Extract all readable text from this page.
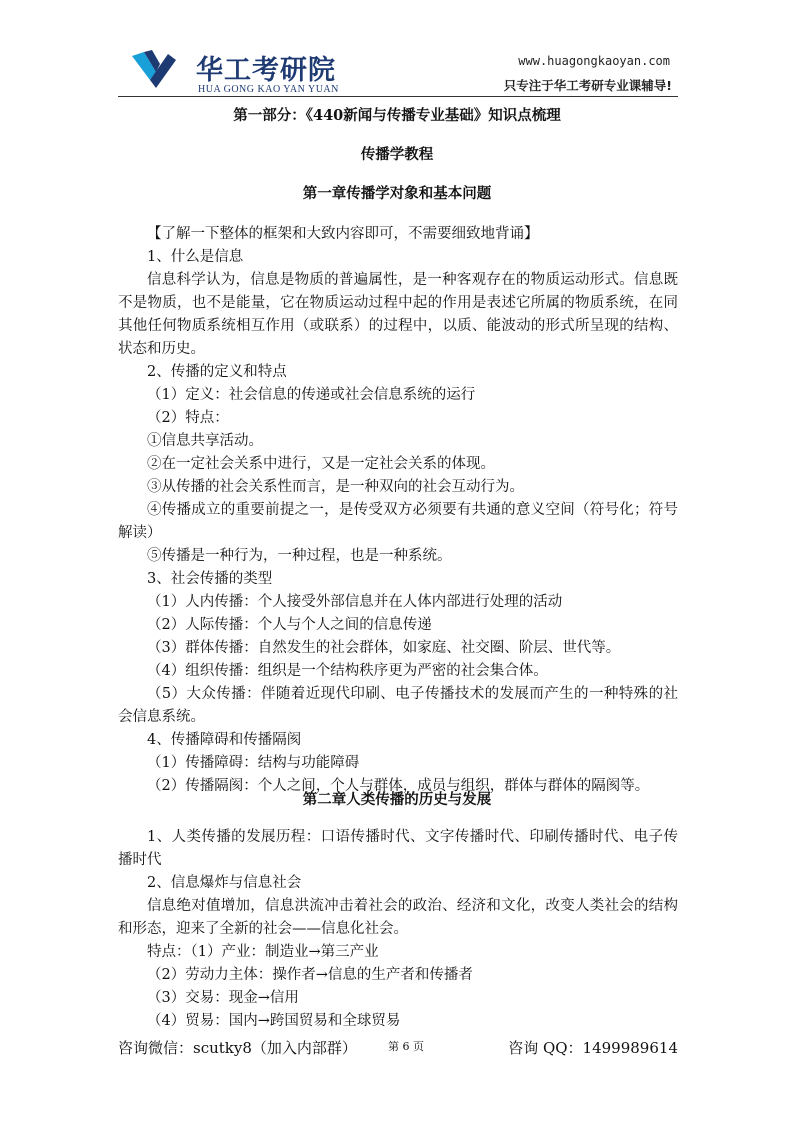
华工考研院
HUA GONG KAO YAN YUAN
www.huagongkaoyan.com
只专注于华工考研专业课辅导!
第一部分：《440新闻与传播专业基础》知识点梳理
传播学教程
第一章传播学对象和基本问题

【了解一下整体的框架和大致内容即可，不需要细致地背诵】

1、什么是信息

信息科学认为，信息是物质的普遍属性，是一种客观存在的物质运动形式。信息既不是物质，也不是能量，它在物质运动过程中起的作用是表述它所属的物质系统，在同其他任何物质系统相互作用（或联系）的过程中，以质、能波动的形式所呈现的结构、状态和历史。

2、传播的定义和特点

（1）定义：社会信息的传递或社会信息系统的运行

（2）特点：

①信息共享活动。

②在一定社会关系中进行，又是一定社会关系的体现。

③从传播的社会关系性而言，是一种双向的社会互动行为。

④传播成立的重要前提之一，是传受双方必须要有共通的意义空间（符号化；符号解读）

⑤传播是一种行为，一种过程，也是一种系统。

3、社会传播的类型

（1）人内传播：个人接受外部信息并在人体内部进行处理的活动

（2）人际传播：个人与个人之间的信息传递

（3）群体传播：自然发生的社会群体，如家庭、社交圈、阶层、世代等。

（4）组织传播：组织是一个结构秩序更为严密的社会集合体。

（5）大众传播：伴随着近现代印刷、电子传播技术的发展而产生的一种特殊的社会信息系统。

4、传播障碍和传播隔阂

（1）传播障碍：结构与功能障碍

（2）传播隔阂：个人之间，个人与群体，成员与组织，群体与群体的隔阂等。

第二章人类传播的历史与发展

1、人类传播的发展历程：口语传播时代、文字传播时代、印刷传播时代、电子传播时代

2、信息爆炸与信息社会

信息绝对值增加，信息洪流冲击着社会的政治、经济和文化，改变人类社会的结构和形态，迎来了全新的社会——信息化社会。

特点：（1）产业：制造业→第三产业

（2）劳动力主体：操作者→信息的生产者和传播者

（3）交易：现金→信用

（4）贸易：国内→跨国贸易和全球贸易

咨询微信：scutky8（加入内部群）	第 6 页	咨询 QQ：1499989614
